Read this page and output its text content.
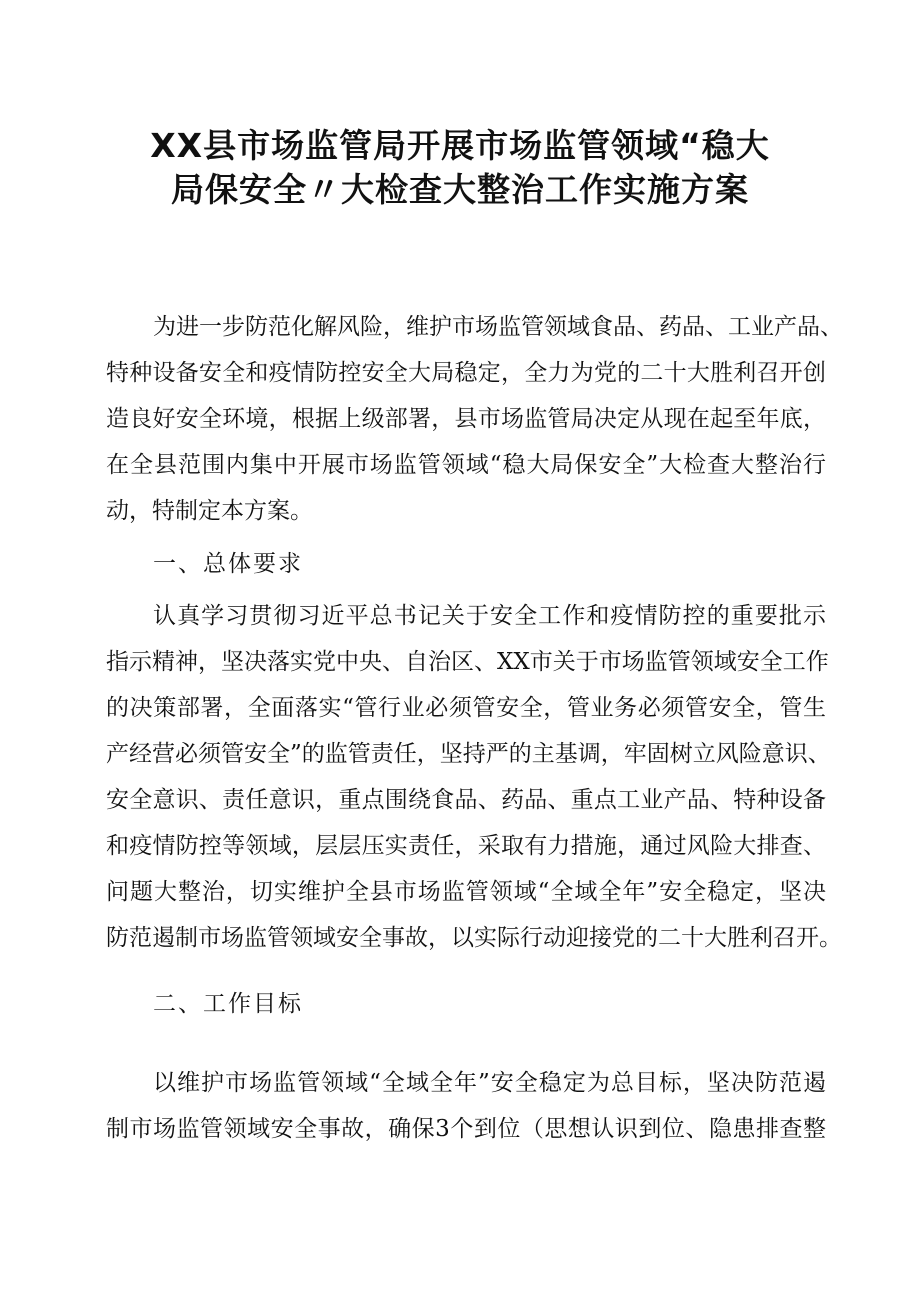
XX县市场监管局开展市场监管领域“稳大
局保安全〃大检查大整治工作实施方案
为进一步防范化解风险，维护市场监管领域食品、药品、工业产品、
特种设备安全和疫情防控安全大局稳定，全力为党的二十大胜利召开创
造良好安全环境，根据上级部署，县市场监管局决定从现在起至年底，
在全县范围内集中开展市场监管领域“稳大局保安全”大检查大整治行
动，特制定本方案。
一、总体要求
认真学习贯彻习近平总书记关于安全工作和疫情防控的重要批示
指示精神，坚决落实党中央、自治区、XX市关于市场监管领域安全工作
的决策部署，全面落实“管行业必须管安全，管业务必须管安全，管生
产经营必须管安全”的监管责任，坚持严的主基调，牢固树立风险意识、
安全意识、责任意识，重点围绕食品、药品、重点工业产品、特种设备
和疫情防控等领域，层层压实责任，采取有力措施，通过风险大排查、
问题大整治，切实维护全县市场监管领域“全域全年”安全稳定，坚决
防范遏制市场监管领域安全事故，以实际行动迎接党的二十大胜利召开。
二、工作目标
以维护市场监管领域“全域全年”安全稳定为总目标，坚决防范遏
制市场监管领域安全事故，确保3个到位（思想认识到位、隐患排查整
